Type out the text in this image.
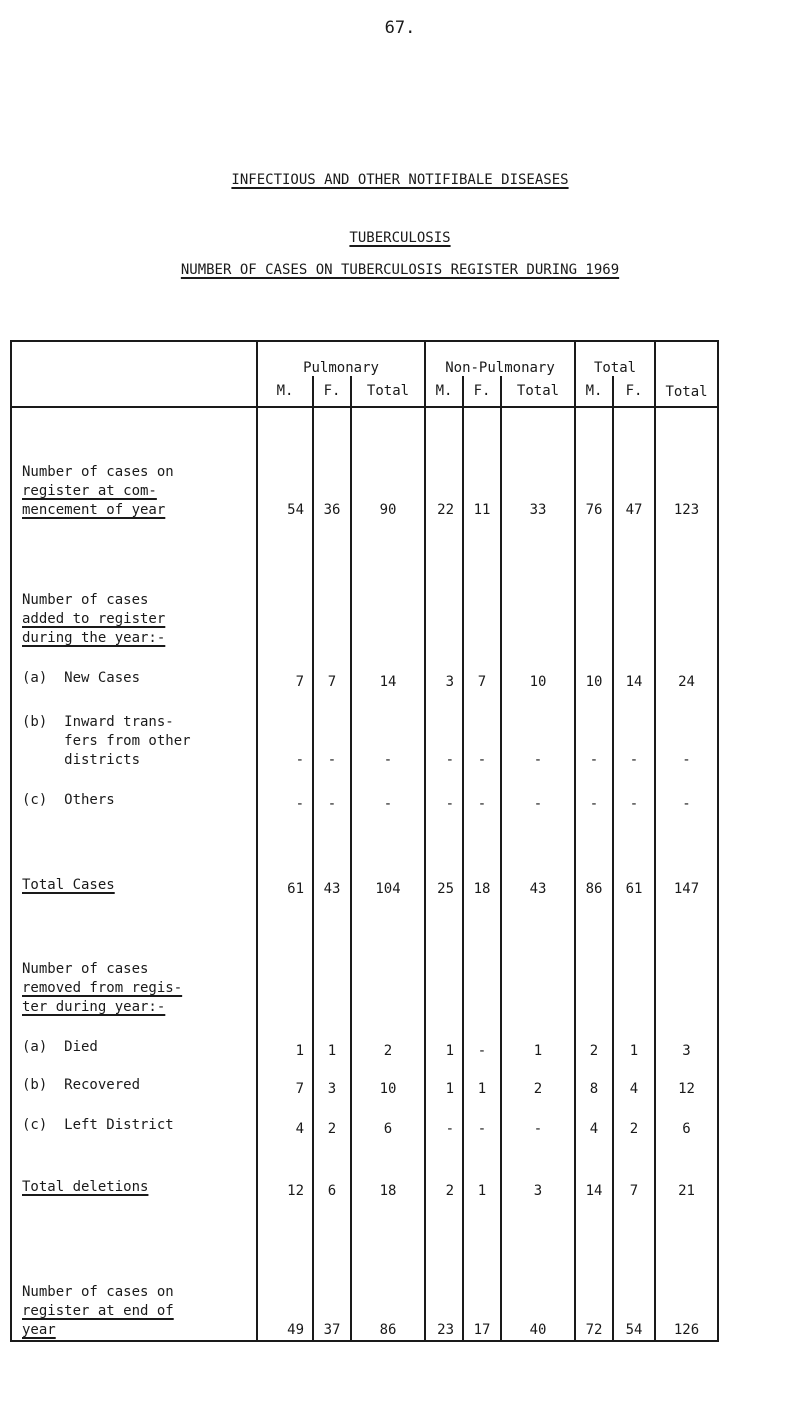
67.
INFECTIOUS AND OTHER NOTIFIBALE DISEASES
TUBERCULOSIS
NUMBER OF CASES ON TUBERCULOSIS REGISTER DURING 1969
	Pulmonary			Non-Pulmonary			Total		Total
	M.	F.	Total	M.	F.	Total	M.	F.	

Number of cases on
register at com-
mencement of year	54	36	90	22	11	33	76	47	123

Number of cases
added to register
during the year:-									

(a)  New Cases	7	7	14	3	7	10	10	14	24

(b)  Inward trans-
fers from other
districts	-	-	-	-	-	-	-	-	-

(c)  Others	-	-	-	-	-	-	-	-	-

Total Cases	61	43	104	25	18	43	86	61	147

Number of cases
removed from regis-
ter during year:-									

(a)  Died	1	1	2	1	-	1	2	1	3

(b)  Recovered	7	3	10	1	1	2	8	4	12

(c)  Left District	4	2	6	-	-	-	4	2	6

Total deletions	12	6	18	2	1	3	14	7	21

Number of cases on
register at end of
year	49	37	86	23	17	40	72	54	126
